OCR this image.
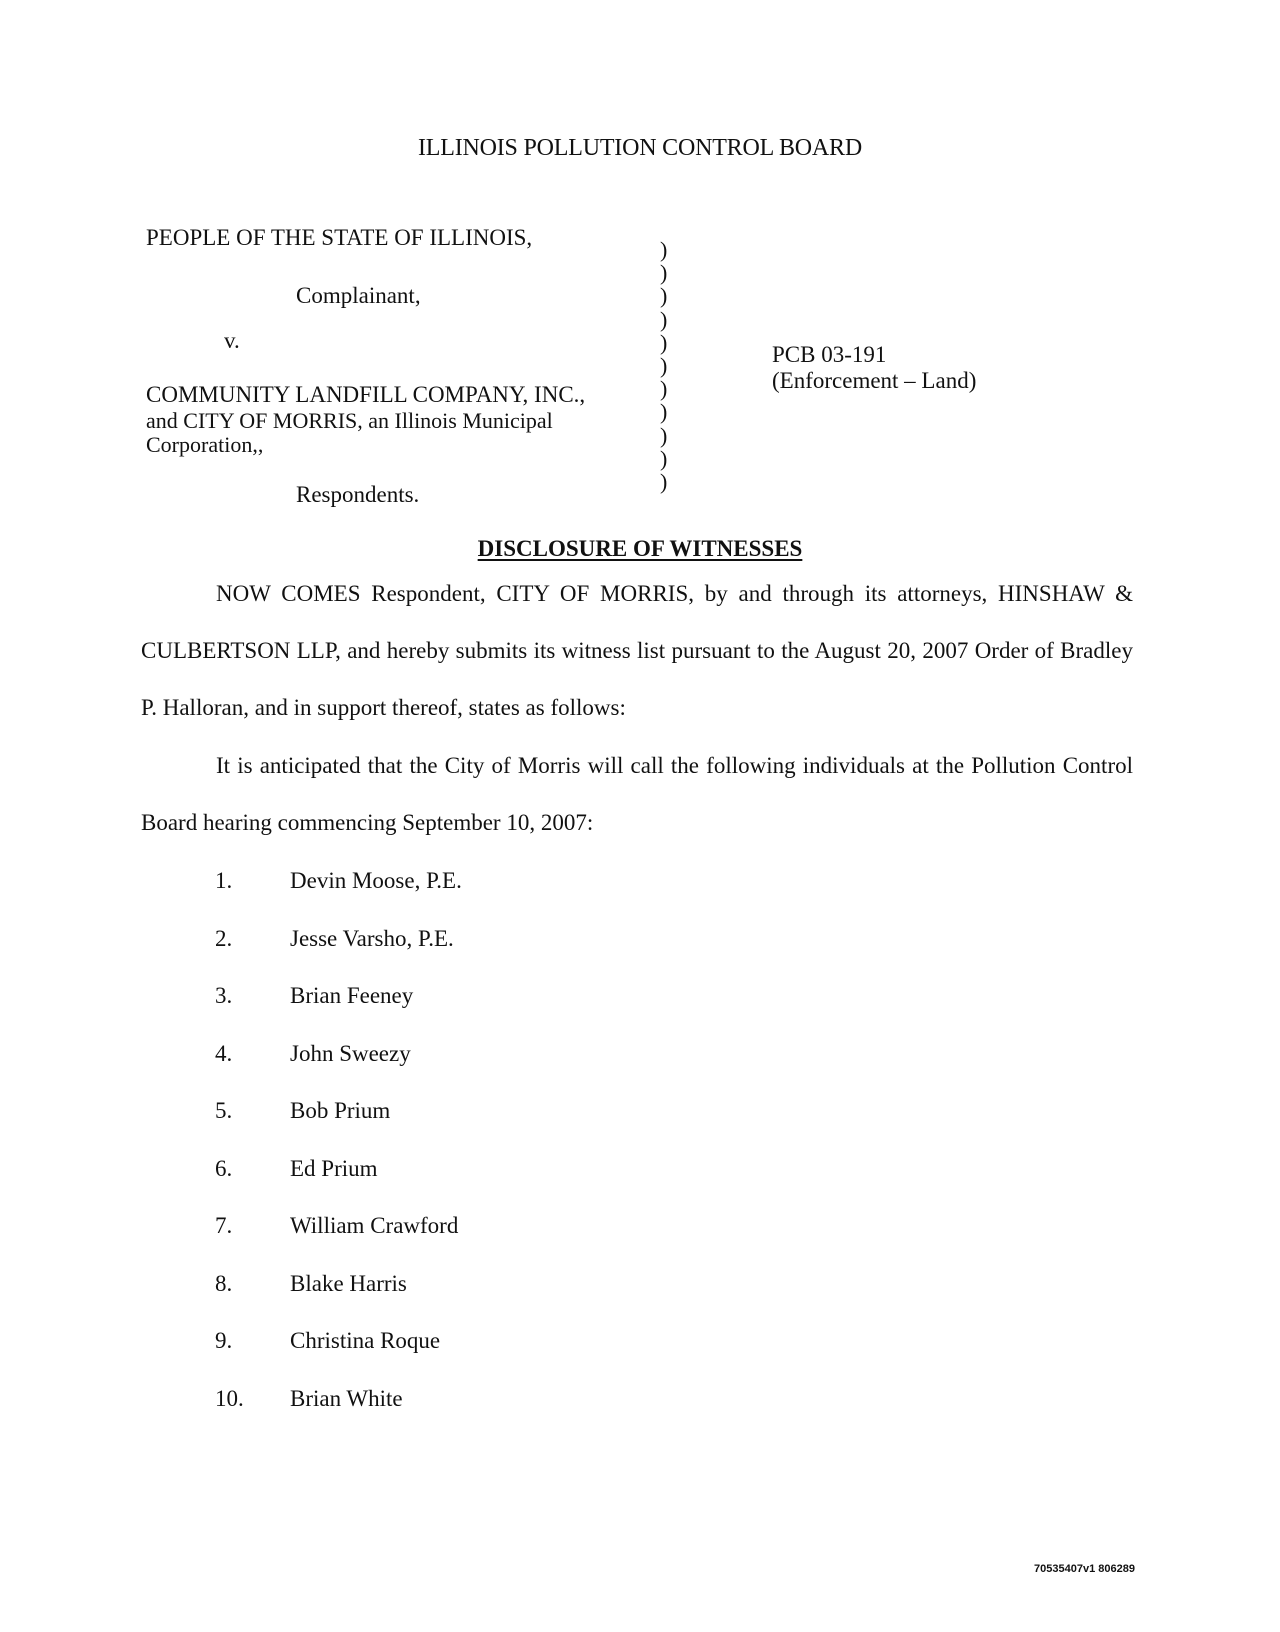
ILLINOIS POLLUTION CONTROL BOARD
PEOPLE OF THE STATE OF ILLINOIS,
Complainant,
v.
COMMUNITY LANDFILL COMPANY, INC.,
and CITY OF MORRIS, an Illinois Municipal
Corporation,,
Respondents.
)
)
)
)
)
)
)
)
)
)
)
PCB 03-191
(Enforcement – Land)
DISCLOSURE OF WITNESSES

NOW COMES Respondent, CITY OF MORRIS, by and through its attorneys, HINSHAW & CULBERTSON LLP, and hereby submits its witness list pursuant to the August 20, 2007 Order of Bradley P. Halloran, and in support thereof, states as follows:

It is anticipated that the City of Morris will call the following individuals at the Pollution Control Board hearing commencing September 10, 2007:

1.	Devin Moose, P.E.
2.	Jesse Varsho, P.E.
3.	Brian Feeney
4.	John Sweezy
5.	Bob Prium
6.	Ed Prium
7.	William Crawford
8.	Blake Harris
9.	Christina Roque
10.	Brian White
70535407v1 806289
